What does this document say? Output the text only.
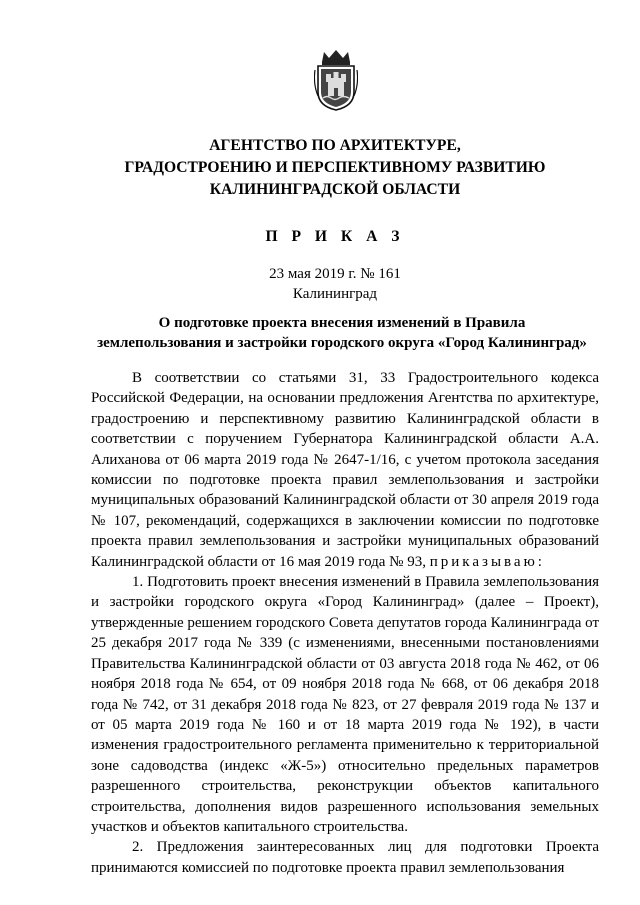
АГЕНТСТВО ПО АРХИТЕКТУРЕ,
ГРАДОСТРОЕНИЮ И ПЕРСПЕКТИВНОМУ РАЗВИТИЮ
КАЛИНИНГРАДСКОЙ ОБЛАСТИ
П Р И К А З
23 мая 2019 г. № 161
Калининград
О подготовке проекта внесения изменений в Правила
землепользования и застройки городского округа «Город Калининград»

В соответствии со статьями 31, 33 Градостроительного кодекса Российской Федерации, на основании предложения Агентства по архитектуре, градостроению и перспективному развитию Калининградской области в соответствии с поручением Губернатора Калининградской области А.А. Алиханова от 06 марта 2019 года № 2647-1/16, с учетом протокола заседания комиссии по подготовке проекта правил землепользования и застройки муниципальных образований Калининградской области от 30 апреля 2019 года № 107, рекомендаций, содержащихся в заключении комиссии по подготовке проекта правил землепользования и застройки муниципальных образований Калининградской области от 16 мая 2019 года № 93, приказываю:

1. Подготовить проект внесения изменений в Правила землепользования и застройки городского округа «Город Калининград» (далее – Проект), утвержденные решением городского Совета депутатов города Калининграда от 25 декабря 2017 года № 339 (с изменениями, внесенными постановлениями Правительства Калининградской области от 03 августа 2018 года № 462, от 06 ноября 2018 года № 654, от 09 ноября 2018 года № 668, от 06 декабря 2018 года № 742, от 31 декабря 2018 года № 823, от 27 февраля 2019 года № 137 и от 05 марта 2019 года № 160 и от 18 марта 2019 года № 192), в части изменения градостроительного регламента применительно к территориальной зоне садоводства (индекс «Ж-5») относительно предельных параметров разрешенного строительства, реконструкции объектов капитального строительства, дополнения видов разрешенного использования земельных участков и объектов капитального строительства.

2. Предложения заинтересованных лиц для подготовки Проекта принимаются комиссией по подготовке проекта правил землепользования
